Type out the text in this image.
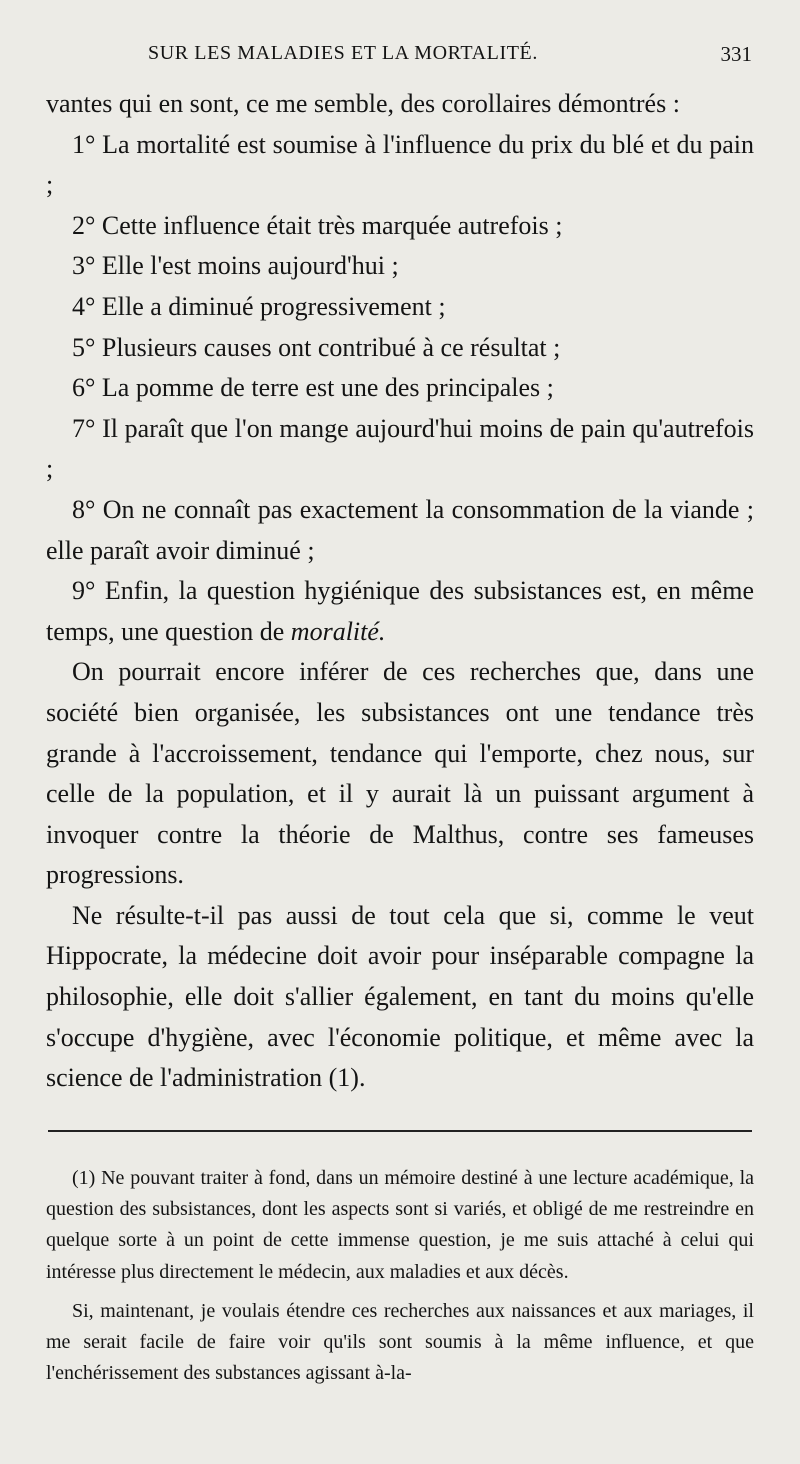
SUR LES MALADIES ET LA MORTALITÉ.	331

vantes qui en sont, ce me semble, des corollaires démontrés :

1° La mortalité est soumise à l'influence du prix du blé et du pain ;

2° Cette influence était très marquée autrefois ;

3° Elle l'est moins aujourd'hui ;

4° Elle a diminué progressivement ;

5° Plusieurs causes ont contribué à ce résultat ;

6° La pomme de terre est une des principales ;

7° Il paraît que l'on mange aujourd'hui moins de pain qu'autrefois ;

8° On ne connaît pas exactement la consommation de la viande ; elle paraît avoir diminué ;

9° Enfin, la question hygiénique des subsistances est, en même temps, une question de moralité.

On pourrait encore inférer de ces recherches que, dans une société bien organisée, les subsistances ont une tendance très grande à l'accroissement, tendance qui l'emporte, chez nous, sur celle de la population, et il y aurait là un puissant argument à invoquer contre la théorie de Malthus, contre ses fameuses progressions.

Ne résulte-t-il pas aussi de tout cela que si, comme le veut Hippocrate, la médecine doit avoir pour inséparable compagne la philosophie, elle doit s'allier également, en tant du moins qu'elle s'occupe d'hygiène, avec l'économie politique, et même avec la science de l'administration (1).

(1) Ne pouvant traiter à fond, dans un mémoire destiné à une lecture académique, la question des subsistances, dont les aspects sont si variés, et obligé de me restreindre en quelque sorte à un point de cette immense question, je me suis attaché à celui qui intéresse plus directement le médecin, aux maladies et aux décès.

Si, maintenant, je voulais étendre ces recherches aux naissances et aux mariages, il me serait facile de faire voir qu'ils sont soumis à la même influence, et que l'enchérissement des substances agissant à-la-
